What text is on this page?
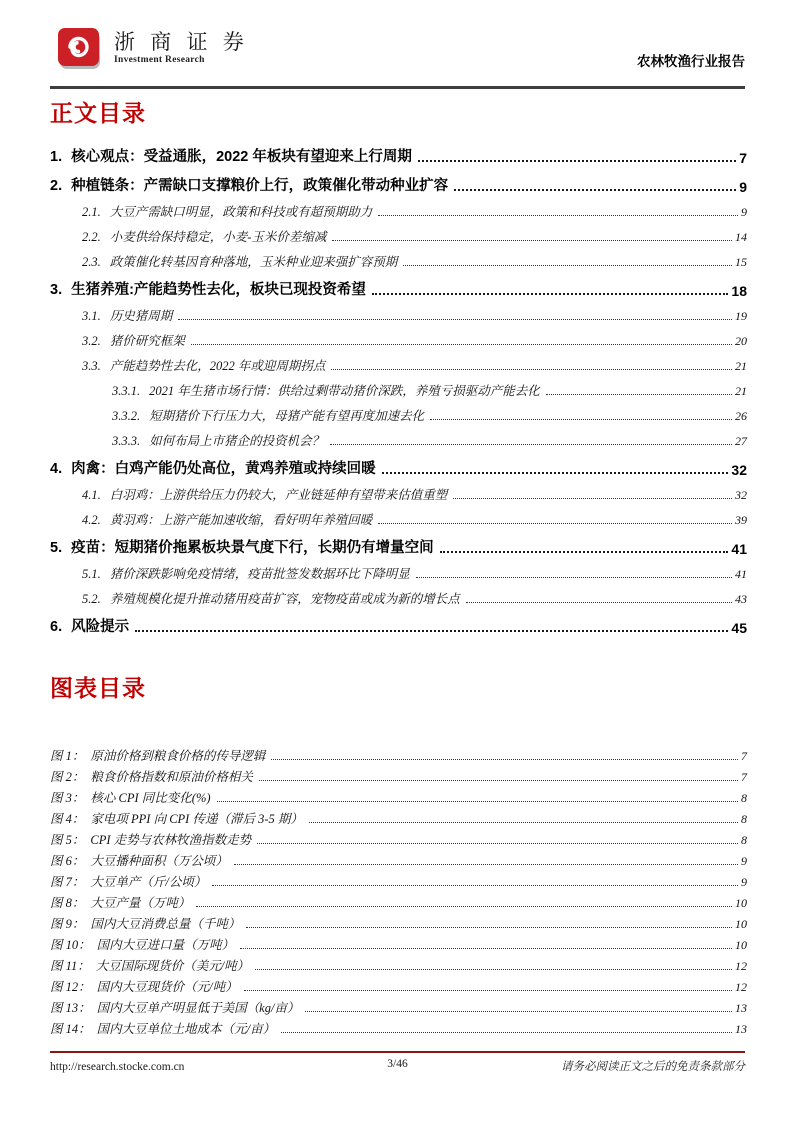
浙 商 证 券
Investment Research	农林牧渔行业报告
正文目录
1. 核心观点：受益通胀，2022 年板块有望迎来上行周期	7
2. 种植链条：产需缺口支撑粮价上行，政策催化带动种业扩容	9
2.1. 大豆产需缺口明显，政策和科技或有超预期助力	9
2.2. 小麦供给保持稳定，小麦-玉米价差缩减	14
2.3. 政策催化转基因育种落地，玉米种业迎来强扩容预期	15
3. 生猪养殖:产能趋势性去化，板块已现投资希望	18
3.1. 历史猪周期	19
3.2. 猪价研究框架	20
3.3. 产能趋势性去化，2022 年或迎周期拐点	21
3.3.1. 2021 年生猪市场行情：供给过剩带动猪价深跌，养殖亏损驱动产能去化	21
3.3.2. 短期猪价下行压力大，母猪产能有望再度加速去化	26
3.3.3. 如何布局上市猪企的投资机会？	27
4. 肉禽：白鸡产能仍处高位，黄鸡养殖或持续回暖	32
4.1. 白羽鸡：上游供给压力仍较大，产业链延伸有望带来估值重塑	32
4.2. 黄羽鸡：上游产能加速收缩，看好明年养殖回暖	39
5. 疫苗：短期猪价拖累板块景气度下行，长期仍有增量空间	41
5.1. 猪价深跌影响免疫情绪，疫苗批签发数据环比下降明显	41
5.2. 养殖规模化提升推动猪用疫苗扩容，宠物疫苗或成为新的增长点	43
6. 风险提示	45
图表目录
图 1： 原油价格到粮食价格的传导逻辑	7
图 2： 粮食价格指数和原油价格相关	7
图 3： 核心 CPI 同比变化(%)	8
图 4： 家电项 PPI 向 CPI 传递（滞后 3-5 期）	8
图 5： CPI 走势与农林牧渔指数走势	8
图 6： 大豆播种面积（万公顷）	9
图 7： 大豆单产（斤/公顷）	9
图 8： 大豆产量（万吨）	10
图 9： 国内大豆消费总量（千吨）	10
图 10： 国内大豆进口量（万吨）	10
图 11： 大豆国际现货价（美元/吨）	12
图 12： 国内大豆现货价（元/吨）	12
图 13： 国内大豆单产明显低于美国（kg/亩）	13
图 14： 国内大豆单位土地成本（元/亩）	13
http://research.stocke.com.cn	3/46	请务必阅读正文之后的免责条款部分
